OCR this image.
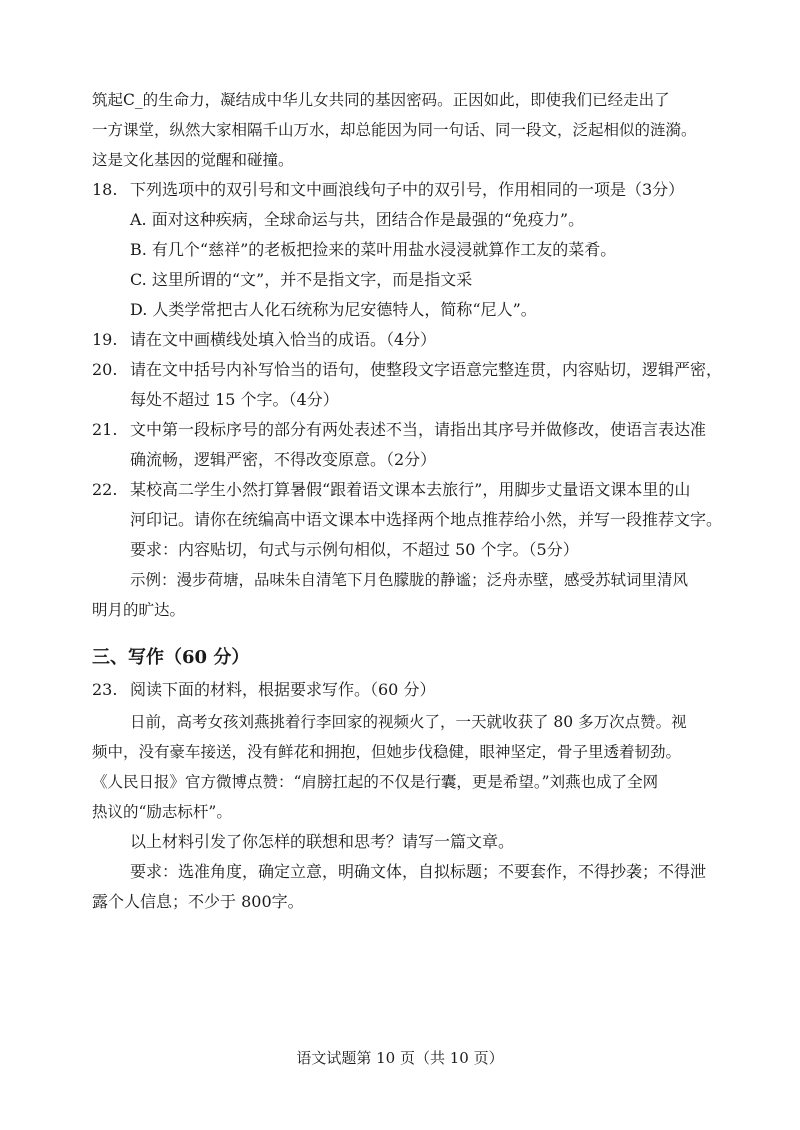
筑起C_的生命力，凝结成中华儿女共同的基因密码。正因如此，即使我们已经走出了
一方课堂，纵然大家相隔千山万水，却总能因为同一句话、同一段文，泛起相似的涟漪。
这是文化基因的觉醒和碰撞。
18. 下列选项中的双引号和文中画浪线句子中的双引号，作用相同的一项是（3分）
A. 面对这种疾病，全球命运与共，团结合作是最强的“免疫力”。
B. 有几个“慈祥”的老板把捡来的菜叶用盐水浸浸就算作工友的菜肴。
C. 这里所谓的“文”，并不是指文字，而是指文采
D. 人类学常把古人化石统称为尼安德特人，简称“尼人”。
19. 请在文中画横线处填入恰当的成语。（4分）
20. 请在文中括号内补写恰当的语句，使整段文字语意完整连贯，内容贴切，逻辑严密，
每处不超过 15 个字。（4分）
21. 文中第一段标序号的部分有两处表述不当，请指出其序号并做修改，使语言表达准
确流畅，逻辑严密，不得改变原意。（2分）
22. 某校高二学生小然打算暑假“跟着语文课本去旅行”，用脚步丈量语文课本里的山
河印记。请你在统编高中语文课本中选择两个地点推荐给小然，并写一段推荐文字。
要求：内容贴切，句式与示例句相似，不超过 50 个字。（5分）
示例：漫步荷塘，品味朱自清笔下月色朦胧的静谧；泛舟赤壁，感受苏轼词里清风
明月的旷达。
三、写作（60 分）
23. 阅读下面的材料，根据要求写作。（60 分）
日前，高考女孩刘燕挑着行李回家的视频火了，一天就收获了 80 多万次点赞。视
频中，没有豪车接送，没有鲜花和拥抱，但她步伐稳健，眼神坚定，骨子里透着韧劲。
《人民日报》官方微博点赞：“肩膀扛起的不仅是行囊，更是希望。”刘燕也成了全网
热议的“励志标杆”。
以上材料引发了你怎样的联想和思考？请写一篇文章。
要求：选准角度，确定立意，明确文体，自拟标题；不要套作，不得抄袭；不得泄
露个人信息；不少于 800字。
语文试题第 10 页（共 10 页）
